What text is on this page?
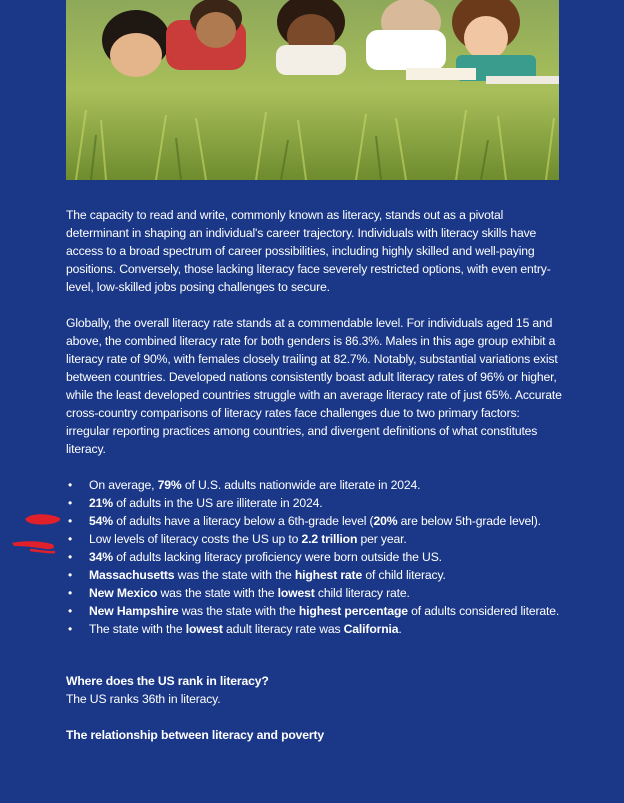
The capacity to read and write, commonly known as literacy, stands out as a pivotal determinant in shaping an individual's career trajectory. Individuals with literacy skills have access to a broad spectrum of career possibilities, including highly skilled and well-paying positions. Conversely, those lacking literacy face severely restricted options, with even entry-level, low-skilled jobs posing challenges to secure.

Globally, the overall literacy rate stands at a commendable level. For individuals aged 15 and above, the combined literacy rate for both genders is 86.3%. Males in this age group exhibit a literacy rate of 90%, with females closely trailing at 82.7%. Notably, substantial variations exist between countries. Developed nations consistently boast adult literacy rates of 96% or higher, while the least developed countries struggle with an average literacy rate of just 65%. Accurate cross-country comparisons of literacy rates face challenges due to two primary factors: irregular reporting practices among countries, and divergent definitions of what constitutes literacy.

• On average, 79% of U.S. adults nationwide are literate in 2024.
• 21% of adults in the US are illiterate in 2024.
• 54% of adults have a literacy below a 6th-grade level (20% are below 5th-grade level).
• Low levels of literacy costs the US up to 2.2 trillion per year.
• 34% of adults lacking literacy proficiency were born outside the US.
• Massachusetts was the state with the highest rate of child literacy.
• New Mexico was the state with the lowest child literacy rate.
• New Hampshire was the state with the highest percentage of adults considered literate.
• The state with the lowest adult literacy rate was California.
Where does the US rank in literacy?
The US ranks 36th in literacy.
The relationship between literacy and poverty
